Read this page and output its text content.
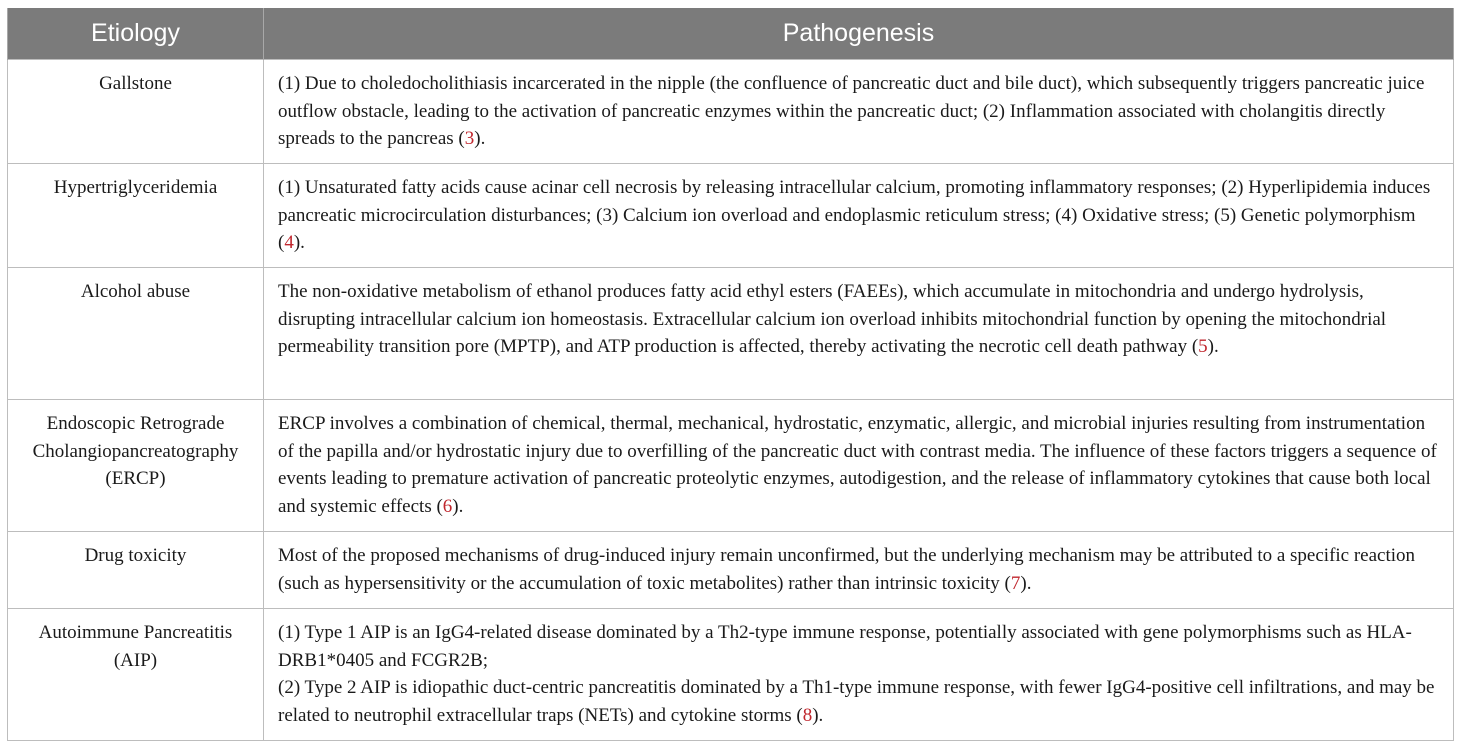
Etiology	Pathogenesis
Gallstone	(1) Due to choledocholithiasis incarcerated in the nipple (the confluence of pancreatic duct and bile duct), which subsequently triggers pancreatic juice outflow obstacle, leading to the activation of pancreatic enzymes within the pancreatic duct; (2) Inflammation associated with cholangitis directly spreads to the pancreas (3).
Hypertriglyceridemia	(1) Unsaturated fatty acids cause acinar cell necrosis by releasing intracellular calcium, promoting inflammatory responses; (2) Hyperlipidemia induces pancreatic microcirculation disturbances; (3) Calcium ion overload and endoplasmic reticulum stress; (4) Oxidative stress; (5) Genetic polymorphism (4).
Alcohol abuse	The non-oxidative metabolism of ethanol produces fatty acid ethyl esters (FAEEs), which accumulate in mitochondria and undergo hydrolysis, disrupting intracellular calcium ion homeostasis. Extracellular calcium ion overload inhibits mitochondrial function by opening the mitochondrial permeability transition pore (MPTP), and ATP production is affected, thereby activating the necrotic cell death pathway (5).
Endoscopic Retrograde Cholangiopancreatography (ERCP)	ERCP involves a combination of chemical, thermal, mechanical, hydrostatic, enzymatic, allergic, and microbial injuries resulting from instrumentation of the papilla and/or hydrostatic injury due to overfilling of the pancreatic duct with contrast media. The influence of these factors triggers a sequence of events leading to premature activation of pancreatic proteolytic enzymes, autodigestion, and the release of inflammatory cytokines that cause both local and systemic effects (6).
Drug toxicity	Most of the proposed mechanisms of drug-induced injury remain unconfirmed, but the underlying mechanism may be attributed to a specific reaction (such as hypersensitivity or the accumulation of toxic metabolites) rather than intrinsic toxicity (7).
Autoimmune Pancreatitis (AIP)	(1) Type 1 AIP is an IgG4-related disease dominated by a Th2-type immune response, potentially associated with gene polymorphisms such as HLA-DRB1*0405 and FCGR2B;
(2) Type 2 AIP is idiopathic duct-centric pancreatitis dominated by a Th1-type immune response, with fewer IgG4-positive cell infiltrations, and may be related to neutrophil extracellular traps (NETs) and cytokine storms (8).
